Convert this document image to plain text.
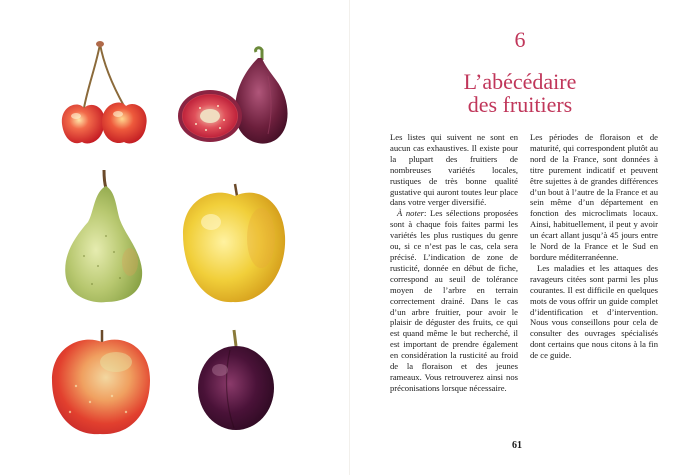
6
L’abécédaire
des fruitiers

Les listes qui suivent ne sont en aucun cas exhaustives. Il existe pour la plupart des fruitiers de nombreuses variétés locales, rustiques de très bonne qualité gustative qui auront toutes leur place dans votre verger diversifié.

À noter: Les sélections proposées sont à chaque fois faites parmi les variétés les plus rustiques du genre ou, si ce n’est pas le cas, cela sera précisé. L’indication de zone de rusticité, donnée en début de fiche, correspond au seuil de tolérance moyen de l’arbre en terrain correctement drainé. Dans le cas d’un arbre fruitier, pour avoir le plaisir de déguster des fruits, ce qui est quand même le but recherché, il est important de prendre également en considération la rusticité au froid de la floraison et des jeunes rameaux. Vous retrouverez ainsi nos préconisations lorsque nécessaire.

Les périodes de floraison et de maturité, qui correspondent plutôt au nord de la France, sont données à titre purement indicatif et peuvent être sujettes à de grandes différences d’un bout à l’autre de la France et au sein même d’un département en fonction des microclimats locaux. Ainsi, habituellement, il peut y avoir un écart allant jusqu’à 45 jours entre le Nord de la France et le Sud en bordure méditerranéenne.

Les maladies et les attaques des ravageurs citées sont parmi les plus courantes. Il est difficile en quelques mots de vous offrir un guide complet d’identification et d’intervention. Nous vous conseillons pour cela de consulter des ouvrages spécialisés dont certains que nous citons à la fin de ce guide.

61
